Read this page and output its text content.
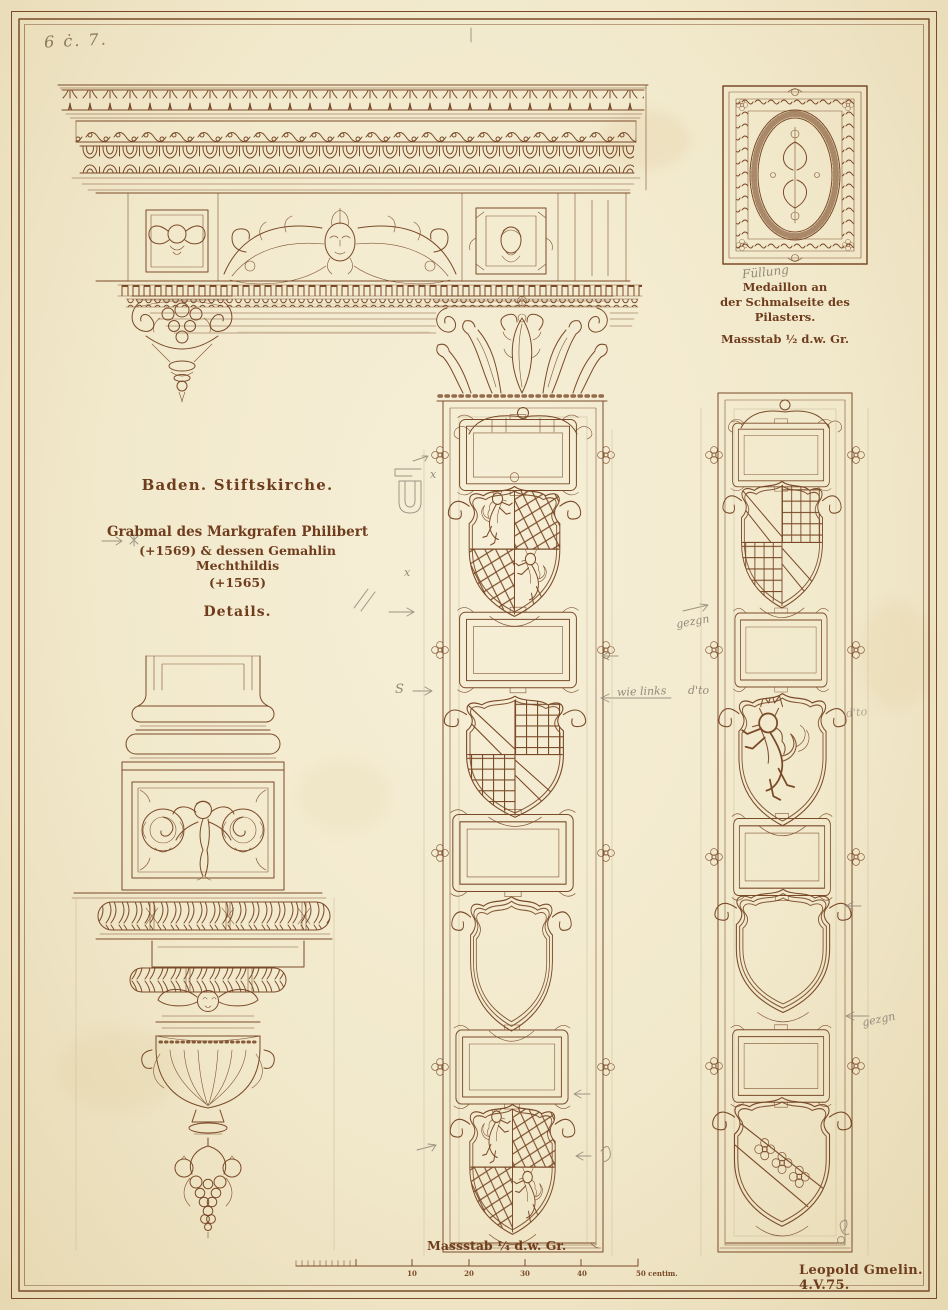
6 ċ. 7.
Baden. Stiftskirche.
Grabmal des Markgrafen Philibert
(+1569) & dessen Gemahlin Mechthildis
(+1565)
Details.
Medaillon an
der Schmalseite des
Pilasters.
Massstab ½ d.w. Gr.
Massstab ¼ d.w. Gr.
Leopold Gmelin. 4.V.75.
10	20	30	40	50 centim.
Füllung
wie links d'to
d'to
gezgn
gezgn
S
x
x
